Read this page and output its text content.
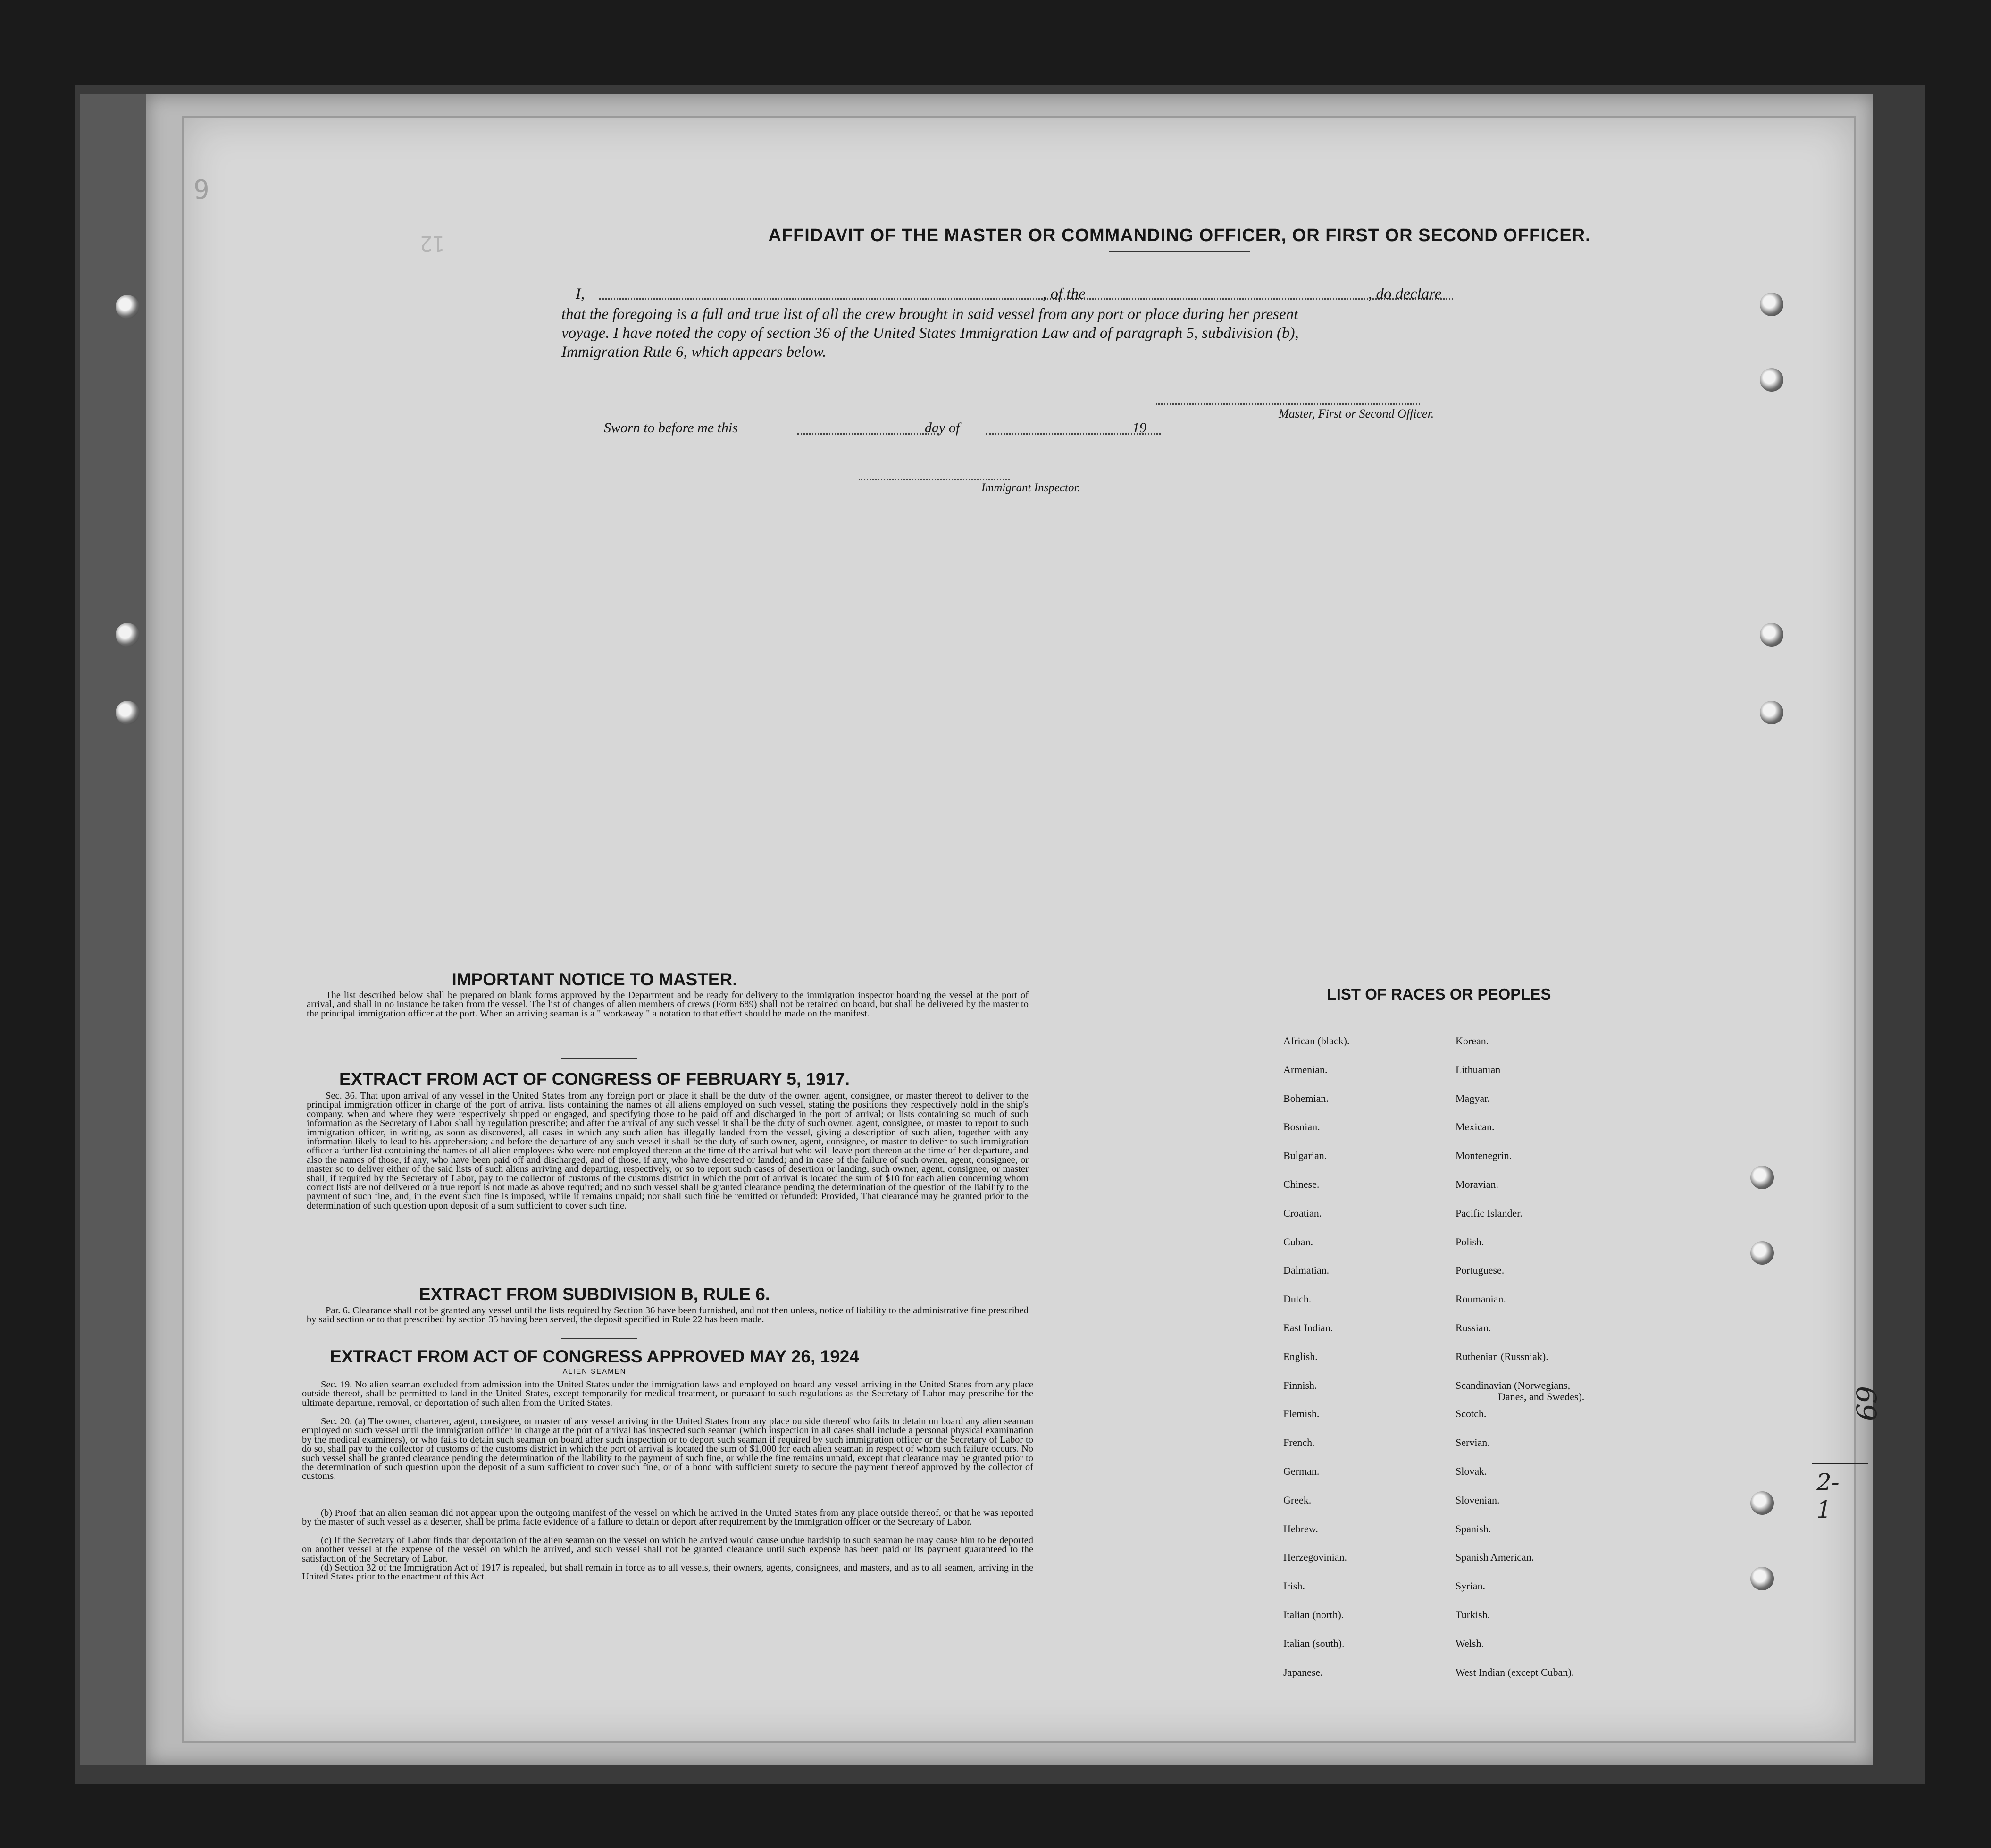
12
9
AFFIDAVIT OF THE MASTER OR COMMANDING OFFICER, OR FIRST OR SECOND OFFICER.
I,	, of the	, do declare
that the foregoing is a full and true list of all the crew brought in said vessel from any port or place during her present
voyage. I have noted the copy of section 36 of the United States Immigration Law and of paragraph 5, subdivision (b),
Immigration Rule 6, which appears below.
Master, First or Second Officer.
Sworn to before me this	day of	19
Immigrant Inspector.
IMPORTANT NOTICE TO MASTER.

The list described below shall be prepared on blank forms approved by the Department and be ready for delivery to the immigration inspector boarding the vessel at the port of arrival, and shall in no instance be taken from the vessel. The list of changes of alien members of crews (Form 689) shall not be retained on board, but shall be delivered by the master to the principal immigration officer at the port. When an arriving seaman is a " workaway " a notation to that effect should be made on the manifest.

EXTRACT FROM ACT OF CONGRESS OF FEBRUARY 5, 1917.

Sec. 36. That upon arrival of any vessel in the United States from any foreign port or place it shall be the duty of the owner, agent, consignee, or master thereof to deliver to the principal immigration officer in charge of the port of arrival lists containing the names of all aliens employed on such vessel, stating the positions they respectively hold in the ship's company, when and where they were respectively shipped or engaged, and specifying those to be paid off and discharged in the port of arrival; or lists containing so much of such information as the Secretary of Labor shall by regulation prescribe; and after the arrival of any such vessel it shall be the duty of such owner, agent, consignee, or master to report to such immigration officer, in writing, as soon as discovered, all cases in which any such alien has illegally landed from the vessel, giving a description of such alien, together with any information likely to lead to his apprehension; and before the departure of any such vessel it shall be the duty of such owner, agent, consignee, or master to deliver to such immigration officer a further list containing the names of all alien employees who were not employed thereon at the time of the arrival but who will leave port thereon at the time of her departure, and also the names of those, if any, who have been paid off and discharged, and of those, if any, who have deserted or landed; and in case of the failure of such owner, agent, consignee, or master so to deliver either of the said lists of such aliens arriving and departing, respectively, or so to report such cases of desertion or landing, such owner, agent, consignee, or master shall, if required by the Secretary of Labor, pay to the collector of customs of the customs district in which the port of arrival is located the sum of $10 for each alien concerning whom correct lists are not delivered or a true report is not made as above required; and no such vessel shall be granted clearance pending the determination of the question of the liability to the payment of such fine, and, in the event such fine is imposed, while it remains unpaid; nor shall such fine be remitted or refunded: Provided, That clearance may be granted prior to the determination of such question upon deposit of a sum sufficient to cover such fine.

EXTRACT FROM SUBDIVISION B, RULE 6.

Par. 6. Clearance shall not be granted any vessel until the lists required by Section 36 have been furnished, and not then unless, notice of liability to the administrative fine prescribed by said section or to that prescribed by section 35 having been served, the deposit specified in Rule 22 has been made.

EXTRACT FROM ACT OF CONGRESS APPROVED MAY 26, 1924
ALIEN SEAMEN

Sec. 19. No alien seaman excluded from admission into the United States under the immigration laws and employed on board any vessel arriving in the United States from any place outside thereof, shall be permitted to land in the United States, except temporarily for medical treatment, or pursuant to such regulations as the Secretary of Labor may prescribe for the ultimate departure, removal, or deportation of such alien from the United States.

Sec. 20. (a) The owner, charterer, agent, consignee, or master of any vessel arriving in the United States from any place outside thereof who fails to detain on board any alien seaman employed on such vessel until the immigration officer in charge at the port of arrival has inspected such seaman (which inspection in all cases shall include a personal physical examination by the medical examiners), or who fails to detain such seaman on board after such inspection or to deport such seaman if required by such immigration officer or the Secretary of Labor to do so, shall pay to the collector of customs of the customs district in which the port of arrival is located the sum of $1,000 for each alien seaman in respect of whom such failure occurs. No such vessel shall be granted clearance pending the determination of the liability to the payment of such fine, or while the fine remains unpaid, except that clearance may be granted prior to the determination of such question upon the deposit of a sum sufficient to cover such fine, or of a bond with sufficient surety to secure the payment thereof approved by the collector of customs.

(b) Proof that an alien seaman did not appear upon the outgoing manifest of the vessel on which he arrived in the United States from any place outside thereof, or that he was reported by the master of such vessel as a deserter, shall be prima facie evidence of a failure to detain or deport after requirement by the immigration officer or the Secretary of Labor.

(c) If the Secretary of Labor finds that deportation of the alien seaman on the vessel on which he arrived would cause undue hardship to such seaman he may cause him to be deported on another vessel at the expense of the vessel on which he arrived, and such vessel shall not be granted clearance until such expense has been paid or its payment guaranteed to the satisfaction of the Secretary of Labor.

(d) Section 32 of the Immigration Act of 1917 is repealed, but shall remain in force as to all vessels, their owners, agents, consignees, and masters, and as to all seamen, arriving in the United States prior to the enactment of this Act.

LIST OF RACES OR PEOPLES
African (black).
Armenian.
Bohemian.
Bosnian.
Bulgarian.
Chinese.
Croatian.
Cuban.
Dalmatian.
Dutch.
East Indian.
English.
Finnish.
Flemish.
French.
German.
Greek.
Hebrew.
Herzegovinian.
Irish.
Italian (north).
Italian (south).
Japanese.
Korean.
Lithuanian
Magyar.
Mexican.
Montenegrin.
Moravian.
Pacific Islander.
Polish.
Portuguese.
Roumanian.
Russian.
Ruthenian (Russniak).
Scandinavian (Norwegians,
Danes, and Swedes).
Scotch.
Servian.
Slovak.
Slovenian.
Spanish.
Spanish American.
Syrian.
Turkish.
Welsh.
West Indian (except Cuban).
69
2-1
